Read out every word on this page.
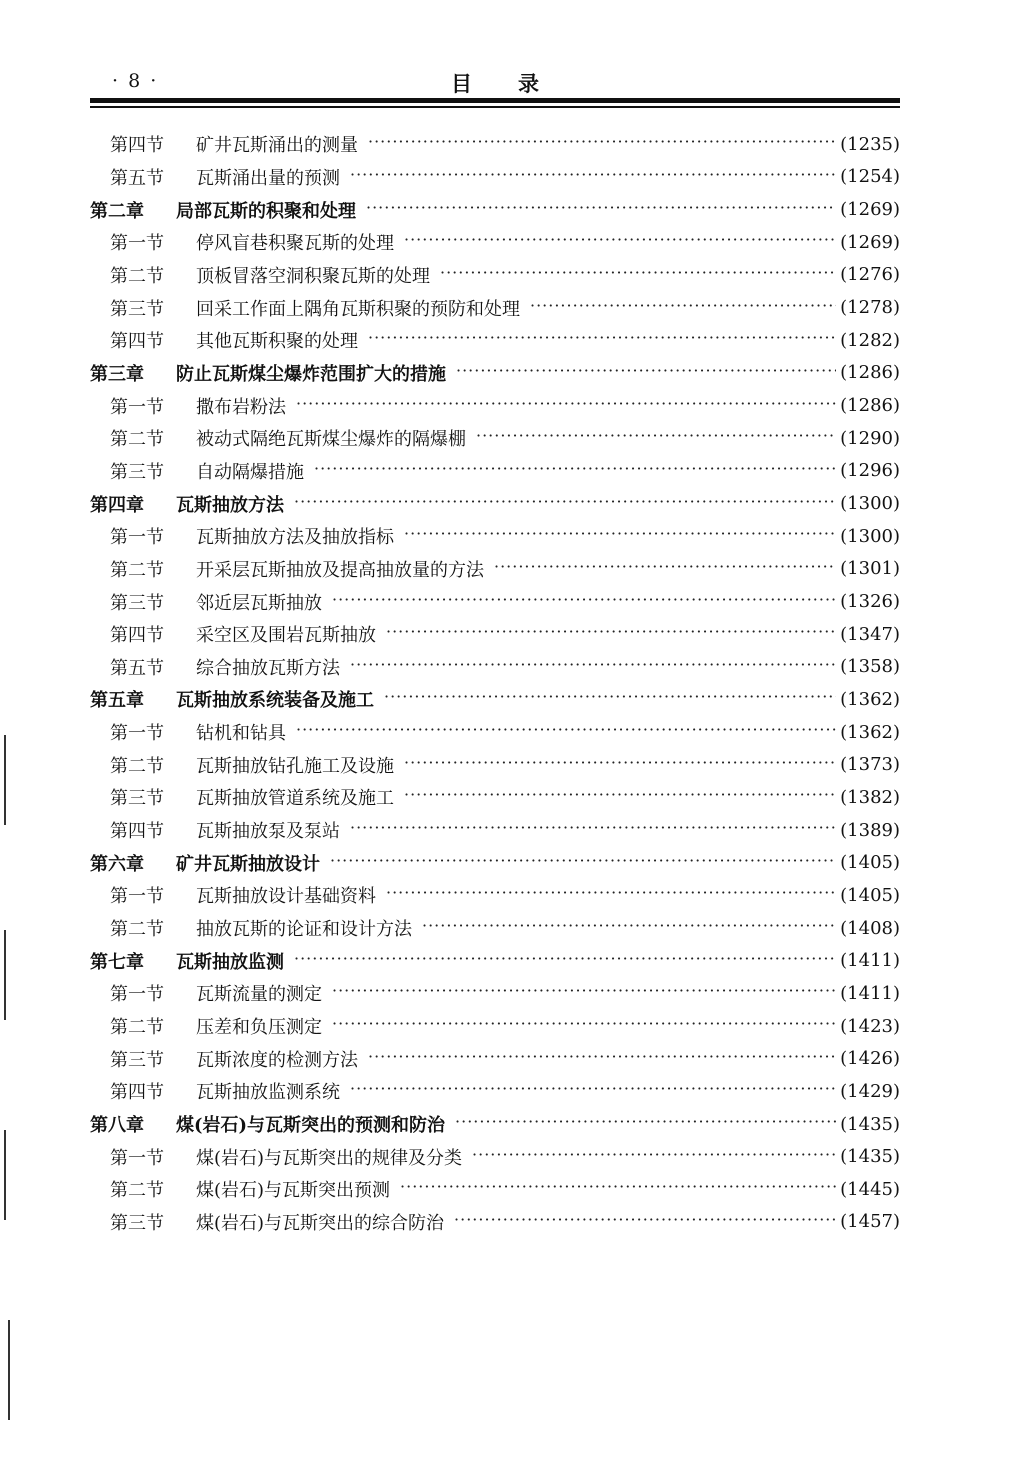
· 8 ·	目录
第四节	矿井瓦斯涌出的测量 ·····	(1235)
第五节	瓦斯涌出量的预测 ·····	(1254)
第二章	局部瓦斯的积聚和处理 ·····	(1269)
第一节	停风盲巷积聚瓦斯的处理 ·····	(1269)
第二节	顶板冒落空洞积聚瓦斯的处理 ·····	(1276)
第三节	回采工作面上隅角瓦斯积聚的预防和处理 ·····	(1278)
第四节	其他瓦斯积聚的处理 ·····	(1282)
第三章	防止瓦斯煤尘爆炸范围扩大的措施 ·····	(1286)
第一节	撒布岩粉法 ·····	(1286)
第二节	被动式隔绝瓦斯煤尘爆炸的隔爆棚 ·····	(1290)
第三节	自动隔爆措施 ·····	(1296)
第四章	瓦斯抽放方法 ·····	(1300)
第一节	瓦斯抽放方法及抽放指标 ·····	(1300)
第二节	开采层瓦斯抽放及提高抽放量的方法 ·····	(1301)
第三节	邻近层瓦斯抽放 ·····	(1326)
第四节	采空区及围岩瓦斯抽放 ·····	(1347)
第五节	综合抽放瓦斯方法 ·····	(1358)
第五章	瓦斯抽放系统装备及施工 ·····	(1362)
第一节	钻机和钻具 ·····	(1362)
第二节	瓦斯抽放钻孔施工及设施 ·····	(1373)
第三节	瓦斯抽放管道系统及施工 ·····	(1382)
第四节	瓦斯抽放泵及泵站 ·····	(1389)
第六章	矿井瓦斯抽放设计 ·····	(1405)
第一节	瓦斯抽放设计基础资料 ·····	(1405)
第二节	抽放瓦斯的论证和设计方法 ·····	(1408)
第七章	瓦斯抽放监测 ·····	(1411)
第一节	瓦斯流量的测定 ·····	(1411)
第二节	压差和负压测定 ·····	(1423)
第三节	瓦斯浓度的检测方法 ·····	(1426)
第四节	瓦斯抽放监测系统 ·····	(1429)
第八章	煤(岩石)与瓦斯突出的预测和防治 ·····	(1435)
第一节	煤(岩石)与瓦斯突出的规律及分类 ·····	(1435)
第二节	煤(岩石)与瓦斯突出预测 ·····	(1445)
第三节	煤(岩石)与瓦斯突出的综合防治 ·····	(1457)
